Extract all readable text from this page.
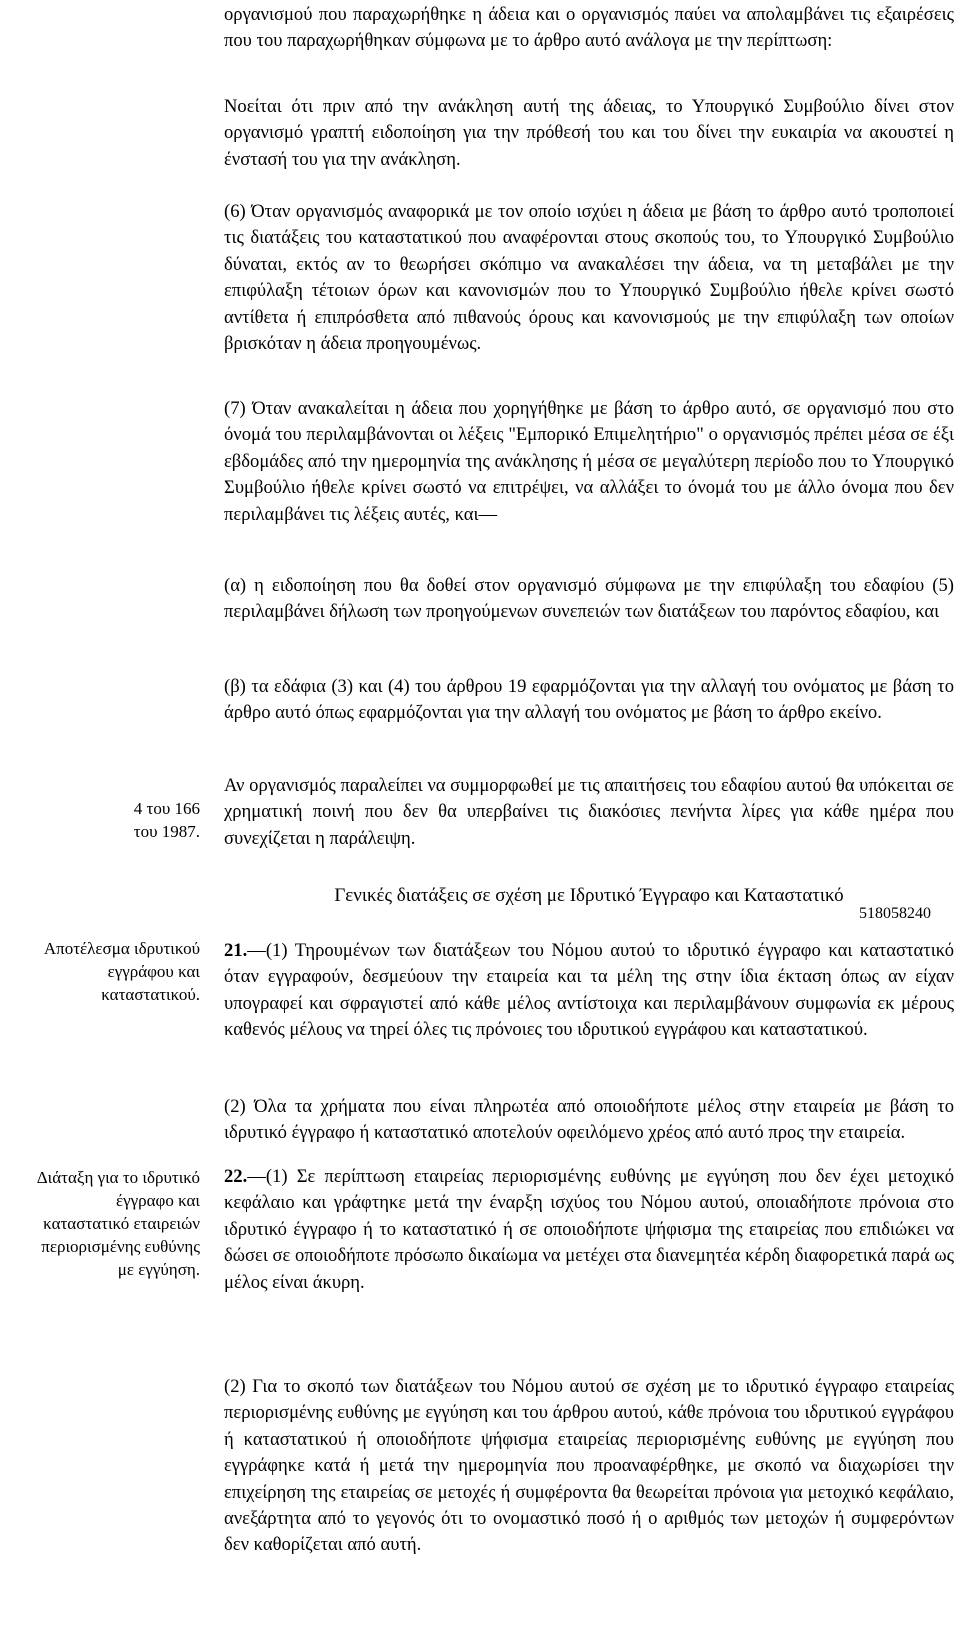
οργανισμού που παραχωρήθηκε η άδεια και ο οργανισμός παύει να απολαμβάνει τις εξαιρέσεις που του παραχωρήθηκαν σύμφωνα με το άρθρο αυτό ανάλογα με την περίπτωση:

Νοείται ότι πριν από την ανάκληση αυτή της άδειας, το Υπουργικό Συμβούλιο δίνει στον οργανισμό γραπτή ειδοποίηση για την πρόθεσή του και του δίνει την ευκαιρία να ακουστεί η ένστασή του για την ανάκληση.

(6) Όταν οργανισμός αναφορικά με τον οποίο ισχύει η άδεια με βάση το άρθρο αυτό τροποποιεί τις διατάξεις του καταστατικού που αναφέρονται στους σκοπούς του, το Υπουργικό Συμβούλιο δύναται, εκτός αν το θεωρήσει σκόπιμο να ανακαλέσει την άδεια, να τη μεταβάλει με την επιφύλαξη τέτοιων όρων και κανονισμών που το Υπουργικό Συμβούλιο ήθελε κρίνει σωστό αντίθετα ή επιπρόσθετα από πιθανούς όρους και κανονισμούς με την επιφύλαξη των οποίων βρισκόταν η άδεια προηγουμένως.

(7) Όταν ανακαλείται η άδεια που χορηγήθηκε με βάση το άρθρο αυτό, σε οργανισμό που στο όνομά του περιλαμβάνονται οι λέξεις "Εμπορικό Επιμελητήριο" ο οργανισμός πρέπει μέσα σε έξι εβδομάδες από την ημερομηνία της ανάκλησης ή μέσα σε μεγαλύτερη περίοδο που το Υπουργικό Συμβούλιο ήθελε κρίνει σωστό να επιτρέψει, να αλλάξει το όνομά του με άλλο όνομα που δεν περιλαμβάνει τις λέξεις αυτές, και—

(α) η ειδοποίηση που θα δοθεί στον οργανισμό σύμφωνα με την επιφύλαξη του εδαφίου (5) περιλαμβάνει δήλωση των προηγούμενων συνεπειών των διατάξεων του παρόντος εδαφίου, και

(β) τα εδάφια (3) και (4) του άρθρου 19 εφαρμόζονται για την αλλαγή του ονόματος με βάση το άρθρο αυτό όπως εφαρμόζονται για την αλλαγή του ονόματος με βάση το άρθρο εκείνο.

Αν οργανισμός παραλείπει να συμμορφωθεί με τις απαιτήσεις του εδαφίου αυτού θα υπόκειται σε χρηματική ποινή που δεν θα υπερβαίνει τις διακόσιες πενήντα λίρες για κάθε ημέρα που συνεχίζεται η παράλειψη.

4 του 166
του 1987.
518058240
Γενικές διατάξεις σε σχέση με Ιδρυτικό Έγγραφο και Καταστατικό
Αποτέλεσμα ιδρυτικού
εγγράφου και
καταστατικού.

21.—(1) Τηρουμένων των διατάξεων του Νόμου αυτού το ιδρυτικό έγγραφο και καταστατικό όταν εγγραφούν, δεσμεύουν την εταιρεία και τα μέλη της στην ίδια έκταση όπως αν είχαν υπογραφεί και σφραγιστεί από κάθε μέλος αντίστοιχα και περιλαμβάνουν συμφωνία εκ μέρους καθενός μέλους να τηρεί όλες τις πρόνοιες του ιδρυτικού εγγράφου και καταστατικού.

(2) Όλα τα χρήματα που είναι πληρωτέα από οποιοδήποτε μέλος στην εταιρεία με βάση το ιδρυτικό έγγραφο ή καταστατικό αποτελούν οφειλόμενο χρέος από αυτό προς την εταιρεία.

Διάταξη για το ιδρυτικό
έγγραφο και
καταστατικό εταιρειών
περιορισμένης ευθύνης
με εγγύηση.

22.—(1) Σε περίπτωση εταιρείας περιορισμένης ευθύνης με εγγύηση που δεν έχει μετοχικό κεφάλαιο και γράφτηκε μετά την έναρξη ισχύος του Νόμου αυτού, οποιαδήποτε πρόνοια στο ιδρυτικό έγγραφο ή το καταστατικό ή σε οποιοδήποτε ψήφισμα της εταιρείας που επιδιώκει να δώσει σε οποιοδήποτε πρόσωπο δικαίωμα να μετέχει στα διανεμητέα κέρδη διαφορετικά παρά ως μέλος είναι άκυρη.

(2) Για το σκοπό των διατάξεων του Νόμου αυτού σε σχέση με το ιδρυτικό έγγραφο εταιρείας περιορισμένης ευθύνης με εγγύηση και του άρθρου αυτού, κάθε πρόνοια του ιδρυτικού εγγράφου ή καταστατικού ή οποιοδήποτε ψήφισμα εταιρείας περιορισμένης ευθύνης με εγγύηση που εγγράφηκε κατά ή μετά την ημερομηνία που προαναφέρθηκε, με σκοπό να διαχωρίσει την επιχείρηση της εταιρείας σε μετοχές ή συμφέροντα θα θεωρείται πρόνοια για μετοχικό κεφάλαιο, ανεξάρτητα από το γεγονός ότι το ονομαστικό ποσό ή ο αριθμός των μετοχών ή συμφερόντων δεν καθορίζεται από αυτή.
